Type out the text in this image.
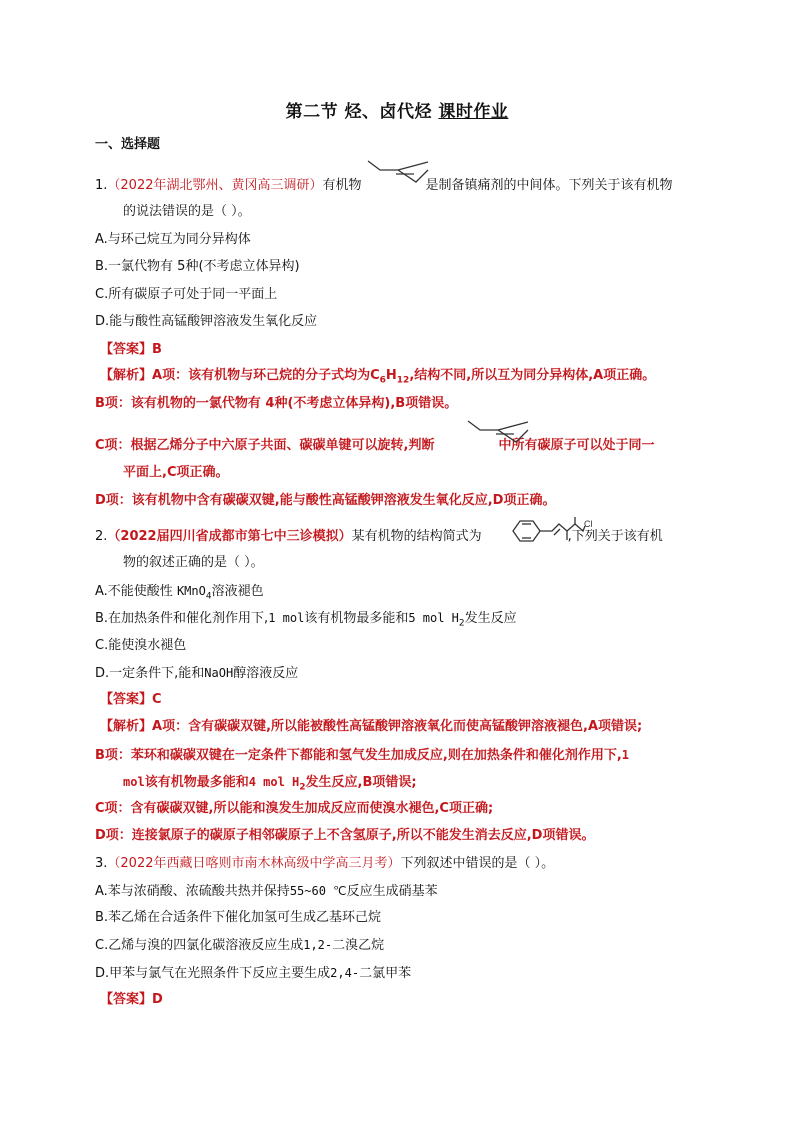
第二节 烃、卤代烃 课时作业
一、选择题
1.（2022年湖北鄂州、黄冈高三调研）有机物	是制备镇痛剂的中间体。下列关于该有机物
的说法错误的是（ ）。
A.与环己烷互为同分异构体
B.一氯代物有 5种(不考虑立体异构)
C.所有碳原子可处于同一平面上
D.能与酸性高锰酸钾溶液发生氧化反应
【答案】B
【解析】A项：该有机物与环己烷的分子式均为$C_6H_{12}$,结构不同,所以互为同分异构体,A项正确。
B项：该有机物的一氯代物有 4种(不考虑立体异构),B项错误。
C项：根据乙烯分子中六原子共面、碳碳单键可以旋转,判断	中所有碳原子可以处于同一
平面上,C项正确。
D项：该有机物中含有碳碳双键,能与酸性高锰酸钾溶液发生氧化反应,D项正确。
2.（2022届四川省成都市第七中三诊模拟）某有机物的结构简式为	,下列关于该有机
Cl
物的叙述正确的是（ ）。
A.不能使酸性 KMnO$_4$溶液褪色
B.在加热条件和催化剂作用下,1 mol该有机物最多能和5 mol $H_2$发生反应
C.能使溴水褪色
D.一定条件下,能和NaOH醇溶液反应
【答案】C
【解析】A项：含有碳碳双键,所以能被酸性高锰酸钾溶液氧化而使高锰酸钾溶液褪色,A项错误;
B项：苯环和碳碳双键在一定条件下都能和氢气发生加成反应,则在加热条件和催化剂作用下,1
mol该有机物最多能和4 mol $H_2$发生反应,B项错误;
C项：含有碳碳双键,所以能和溴发生加成反应而使溴水褪色,C项正确;
D项：连接氯原子的碳原子相邻碳原子上不含氢原子,所以不能发生消去反应,D项错误。
3.（2022年西藏日喀则市南木林高级中学高三月考）下列叙述中错误的是（ ）。
A.苯与浓硝酸、浓硫酸共热并保持55~60 ℃反应生成硝基苯
B.苯乙烯在合适条件下催化加氢可生成乙基环己烷
C.乙烯与溴的四氯化碳溶液反应生成1,2-二溴乙烷
D.甲苯与氯气在光照条件下反应主要生成2,4-二氯甲苯
【答案】D
